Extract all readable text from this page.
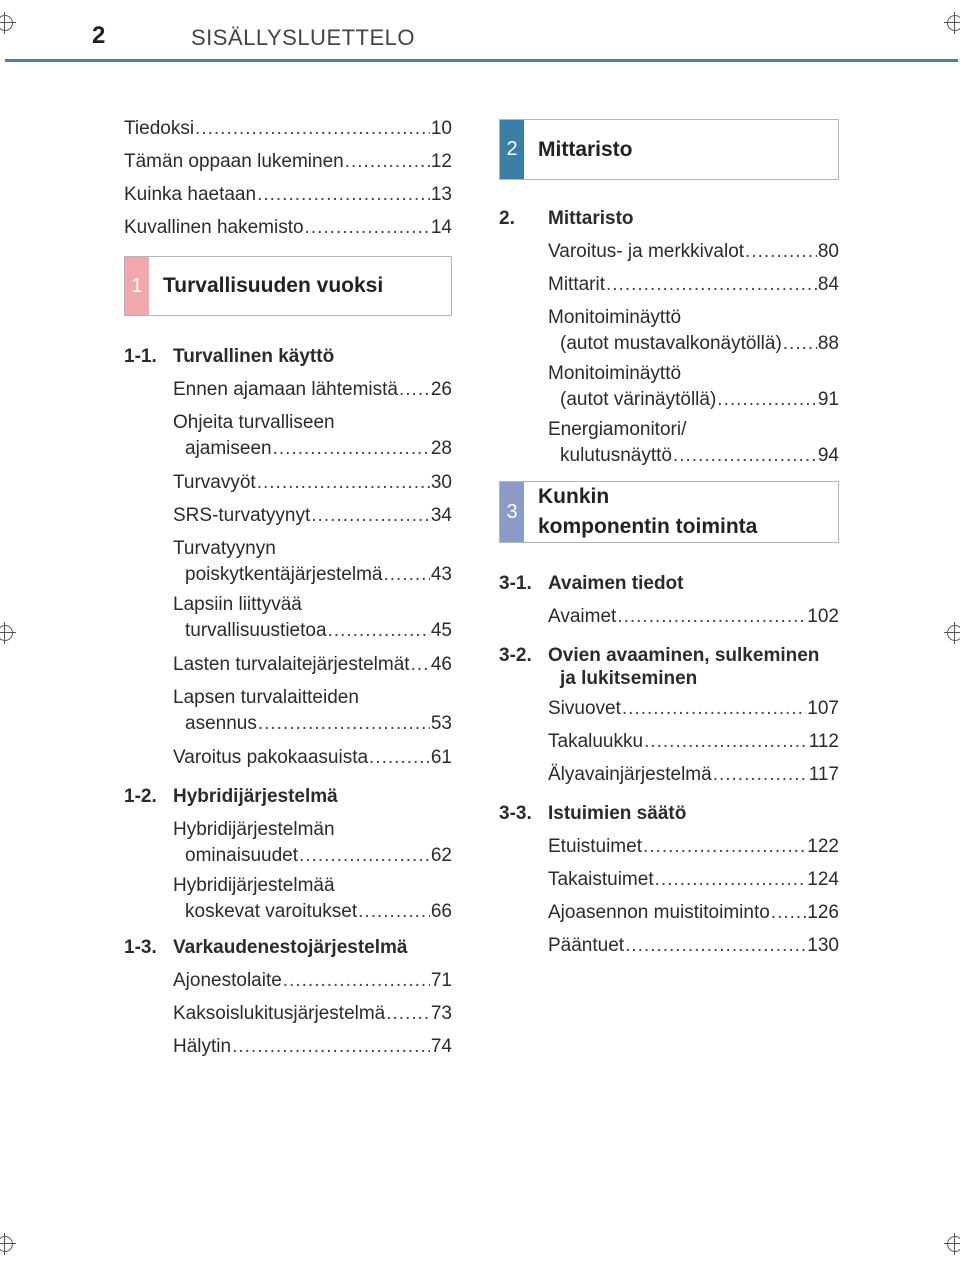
2	SISÄLLYSLUETTELO
Tiedoksi .....	10
Tämän oppaan lukeminen .....	12
Kuinka haetaan .....	13
Kuvallinen hakemisto .....	14
1 Turvallisuuden vuoksi
1-1. Turvallinen käyttö
Ennen ajamaan lähtemistä ..... 26
Ohjeita turvalliseen
ajamiseen .....	28
Turvavyöt .....	30
SRS-turvatyynyt .....	34
Turvatyynyn
poiskytkentäjärjestelmä .....	43
Lapsiin liittyvää
turvallisuustietoa .....	45
Lasten turvalaitejärjestelmät ..... 46
Lapsen turvalaitteiden
asennus .....	53
Varoitus pakokaasuista .....	61
1-2. Hybridijärjestelmä
Hybridijärjestelmän
ominaisuudet .....	62
Hybridijärjestelmää
koskevat varoitukset .....	66
1-3. Varkaudenestojärjestelmä
Ajonestolaite .....	71
Kaksoislukitusjärjestelmä ..... 73
Hälytin .....	74
2 Mittaristo
2.	Mittaristo
Varoitus- ja merkkivalot .....	80
Mittarit .....	84
Monitoiminäyttö
(autot mustavalkonäytöllä) ..... 88
Monitoiminäyttö
(autot värinäytöllä) .....	91
Energiamonitori/
kulutusnäyttö .....	94
3
Kunkin
komponentin toiminta
3-1. Avaimen tiedot
Avaimet .....	102
3-2. Ovien avaaminen, sulkeminen
ja lukitseminen
Sivuovet .....	107
Takaluukku .....	112
Älyavainjärjestelmä .....	117
3-3. Istuimien säätö
Etuistuimet .....	122
Takaistuimet .....	124
Ajoasennon muistitoiminto ..... 126
Pääntuet .....	130
